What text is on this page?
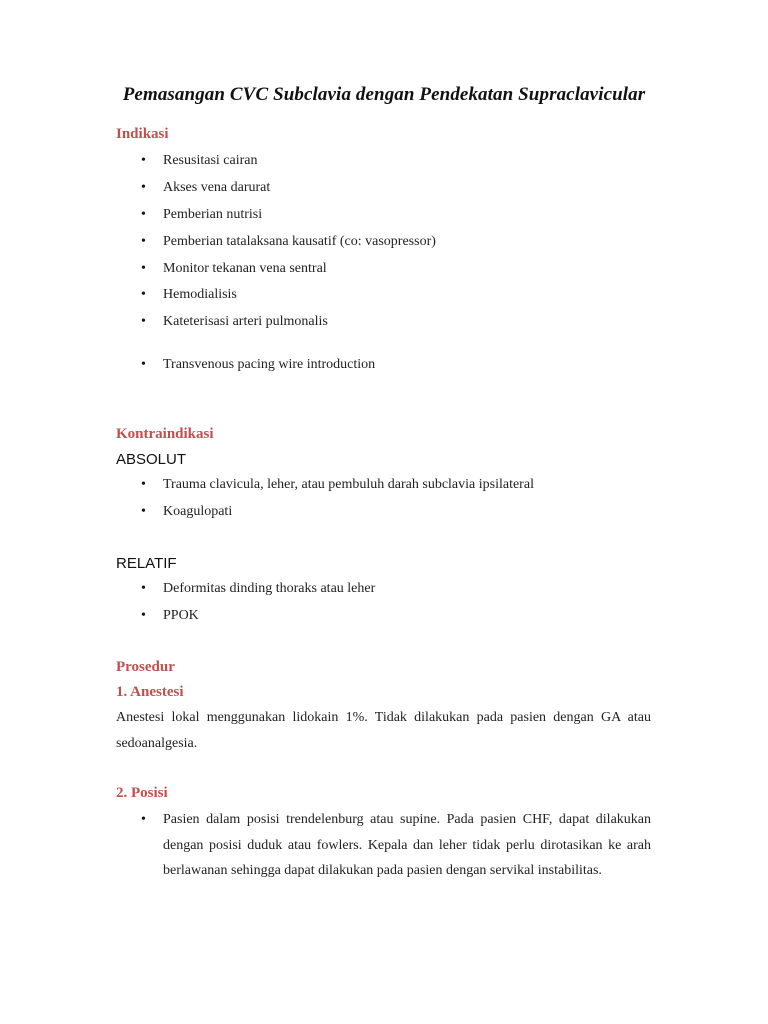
Pemasangan CVC Subclavia dengan Pendekatan Supraclavicular
Indikasi
• Resusitasi cairan
• Akses vena darurat
• Pemberian nutrisi
• Pemberian tatalaksana kausatif (co: vasopressor)
• Monitor tekanan vena sentral
• Hemodialisis
• Kateterisasi arteri pulmonalis
• Transvenous pacing wire introduction
Kontraindikasi
ABSOLUT
• Trauma clavicula, leher, atau pembuluh darah subclavia ipsilateral
• Koagulopati
RELATIF
• Deformitas dinding thoraks atau leher
• PPOK
Prosedur
1. Anestesi
Anestesi lokal menggunakan lidokain 1%. Tidak dilakukan pada pasien dengan GA atau sedoanalgesia.
2. Posisi
• Pasien dalam posisi trendelenburg atau supine. Pada pasien CHF, dapat dilakukan dengan posisi duduk atau fowlers. Kepala dan leher tidak perlu dirotasikan ke arah berlawanan sehingga dapat dilakukan pada pasien dengan servikal instabilitas.
